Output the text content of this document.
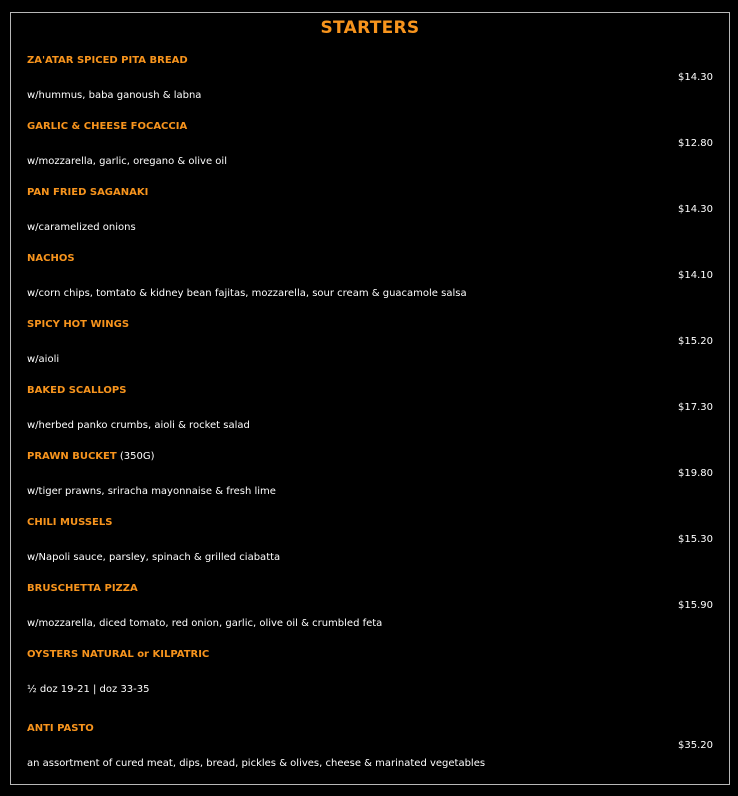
STARTERS
ZA'ATAR SPICED PITA BREAD
$14.30
w/hummus, baba ganoush & labna
GARLIC & CHEESE FOCACCIA
$12.80
w/mozzarella, garlic, oregano & olive oil
PAN FRIED SAGANAKI
$14.30
w/caramelized onions
NACHOS
$14.10
w/corn chips, tomtato & kidney bean fajitas, mozzarella, sour cream & guacamole salsa
SPICY HOT WINGS
$15.20
w/aioli
BAKED SCALLOPS
$17.30
w/herbed panko crumbs, aioli & rocket salad
PRAWN BUCKET (350G)
$19.80
w/tiger prawns, sriracha mayonnaise & fresh lime
CHILI MUSSELS
$15.30
w/Napoli sauce, parsley, spinach & grilled ciabatta
BRUSCHETTA PIZZA
$15.90
w/mozzarella, diced tomato, red onion, garlic, olive oil & crumbled feta
OYSTERS NATURAL or KILPATRIC
½ doz 19-21 | doz 33-35
ANTI PASTO
$35.20
an assortment of cured meat, dips, bread, pickles & olives, cheese & marinated vegetables
